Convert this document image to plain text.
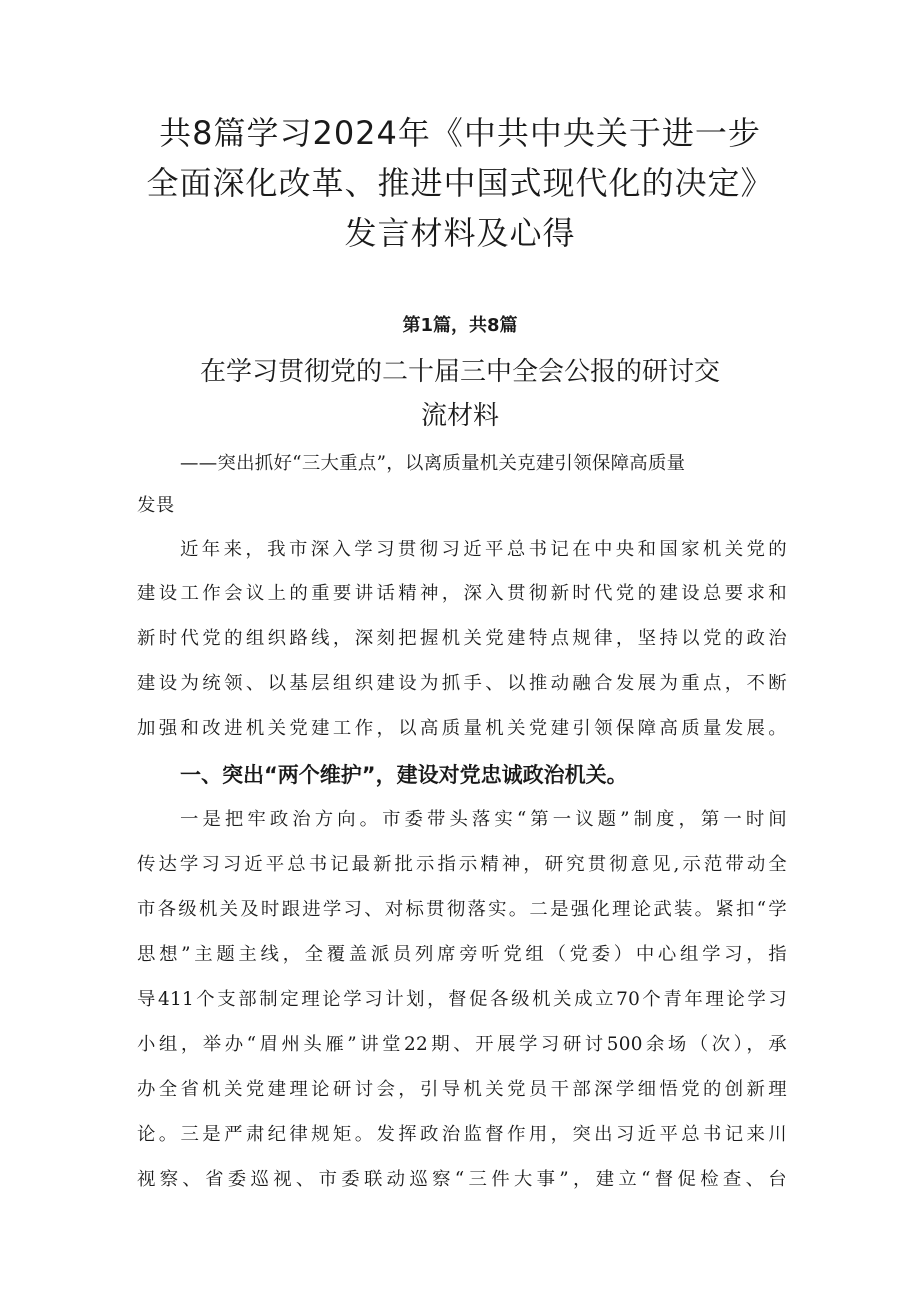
共8篇学习2024年《中共中央关于进一步
全面深化改革、推进中国式现代化的决定》
发言材料及心得

第1篇，共8篇

在学习贯彻党的二十届三中全会公报的研讨交
流材料

——突出抓好“三大重点”，以离质量机关克建引领保障高质量

发畏

近年来，我市深入学习贯彻习近平总书记在中央和国家机关党的

建设工作会议上的重要讲话精神，深入贯彻新时代党的建设总要求和

新时代党的组织路线，深刻把握机关党建特点规律，坚持以党的政治

建设为统领、以基层组织建设为抓手、以推动融合发展为重点，不断

加强和改进机关党建工作，以高质量机关党建引领保障高质量发展。

一、突出“两个维护”，建设对党忠诚政治机关。

一是把牢政治方向。市委带头落实“第一议题”制度，第一时间

传达学习习近平总书记最新批示指示精神，研究贯彻意见,示范带动全

市各级机关及时跟进学习、对标贯彻落实。二是强化理论武装。紧扣“学

思想”主题主线，全覆盖派员列席旁听党组（党委）中心组学习，指

导411个支部制定理论学习计划，督促各级机关成立70个青年理论学习

小组，举办“眉州头雁”讲堂22期、开展学习研讨500余场（次），承

办全省机关党建理论研讨会，引导机关党员干部深学细悟党的创新理

论。三是严肃纪律规矩。发挥政治监督作用，突出习近平总书记来川

视察、省委巡视、市委联动巡察“三件大事”，建立“督促检查、台
